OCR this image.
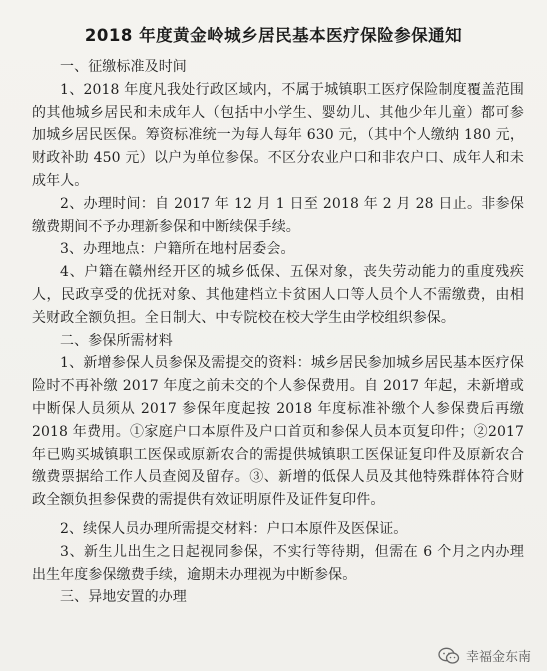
2018 年度黄金岭城乡居民基本医疗保险参保通知

一、征缴标准及时间

1、2018 年度凡我处行政区域内，不属于城镇职工医疗保险制度覆盖范围的其他城乡居民和未成年人（包括中小学生、婴幼儿、其他少年儿童）都可参加城乡居民医保。筹资标准统一为每人每年 630 元，（其中个人缴纳 180 元，财政补助 450 元）以户为单位参保。不区分农业户口和非农户口、成年人和未成年人。

2、办理时间：自 2017 年 12 月 1 日至 2018 年 2 月 28 日止。非参保缴费期间不予办理新参保和中断续保手续。

3、办理地点：户籍所在地村居委会。

4、户籍在赣州经开区的城乡低保、五保对象，丧失劳动能力的重度残疾人，民政享受的优抚对象、其他建档立卡贫困人口等人员个人不需缴费，由相关财政全额负担。全日制大、中专院校在校大学生由学校组织参保。

二、参保所需材料

1、新增参保人员参保及需提交的资料：城乡居民参加城乡居民基本医疗保险时不再补缴 2017 年度之前未交的个人参保费用。自 2017 年起，未新增或中断保人员须从 2017 参保年度起按 2018 年度标准补缴个人参保费后再缴 2018 年费用。①家庭户口本原件及户口首页和参保人员本页复印件；②2017 年已购买城镇职工医保或原新农合的需提供城镇职工医保证复印件及原新农合缴费票据给工作人员查阅及留存。③、新增的低保人员及其他特殊群体符合财政全额负担参保费的需提供有效证明原件及证件复印件。

2、续保人员办理所需提交材料：户口本原件及医保证。

3、新生儿出生之日起视同参保，不实行等待期，但需在 6 个月之内办理出生年度参保缴费手续，逾期未办理视为中断参保。

三、异地安置的办理

幸福金东南
